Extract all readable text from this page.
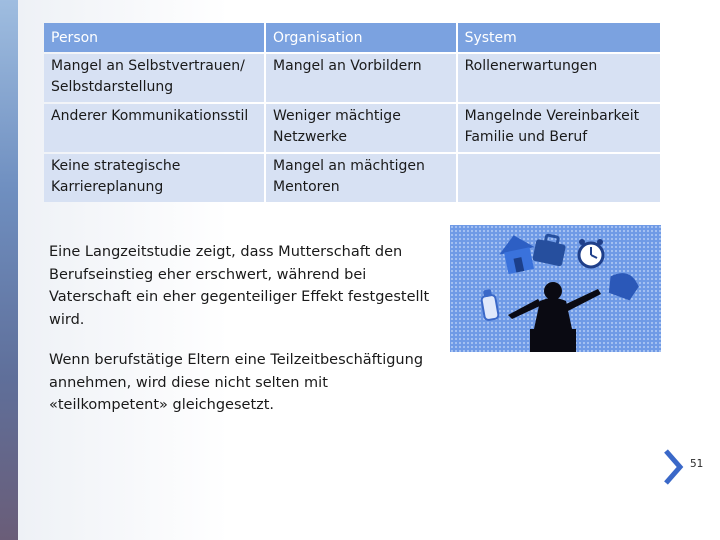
Person	Organisation	System
Mangel an Selbstvertrauen/ Selbstdarstellung	Mangel an Vorbildern	Rollenerwartungen
Anderer Kommunikationsstil	Weniger mächtige Netzwerke	Mangelnde Vereinbarkeit Familie und Beruf
Keine strategische Karriereplanung	Mangel an mächtigen Mentoren	
Eine Langzeitstudie zeigt, dass Mutterschaft den Berufseinstieg eher erschwert, während bei Vaterschaft ein eher gegenteiliger Effekt festgestellt wird.
Wenn berufstätige Eltern eine Teilzeitbeschäftigung annehmen, wird diese nicht selten mit «teilkompetent» gleichgesetzt.
51
